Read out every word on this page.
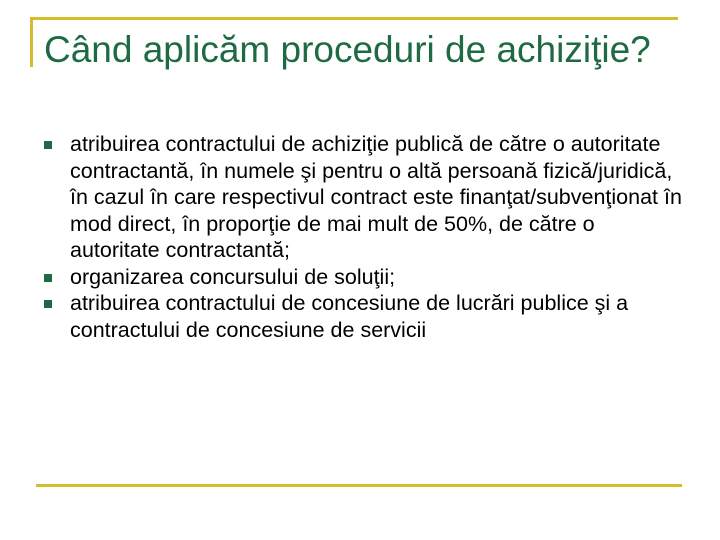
Când aplicăm proceduri de achiziţie?
atribuirea contractului de achiziţie publică de către o autoritate contractantă, în numele şi pentru o altă persoană fizică/juridică, în cazul în care respectivul contract este finanţat/subvenţionat în mod direct, în proporţie de mai mult de 50%, de către o autoritate contractantă;
organizarea concursului de soluţii;
atribuirea contractului de concesiune de lucrări publice şi a contractului de concesiune de servicii
